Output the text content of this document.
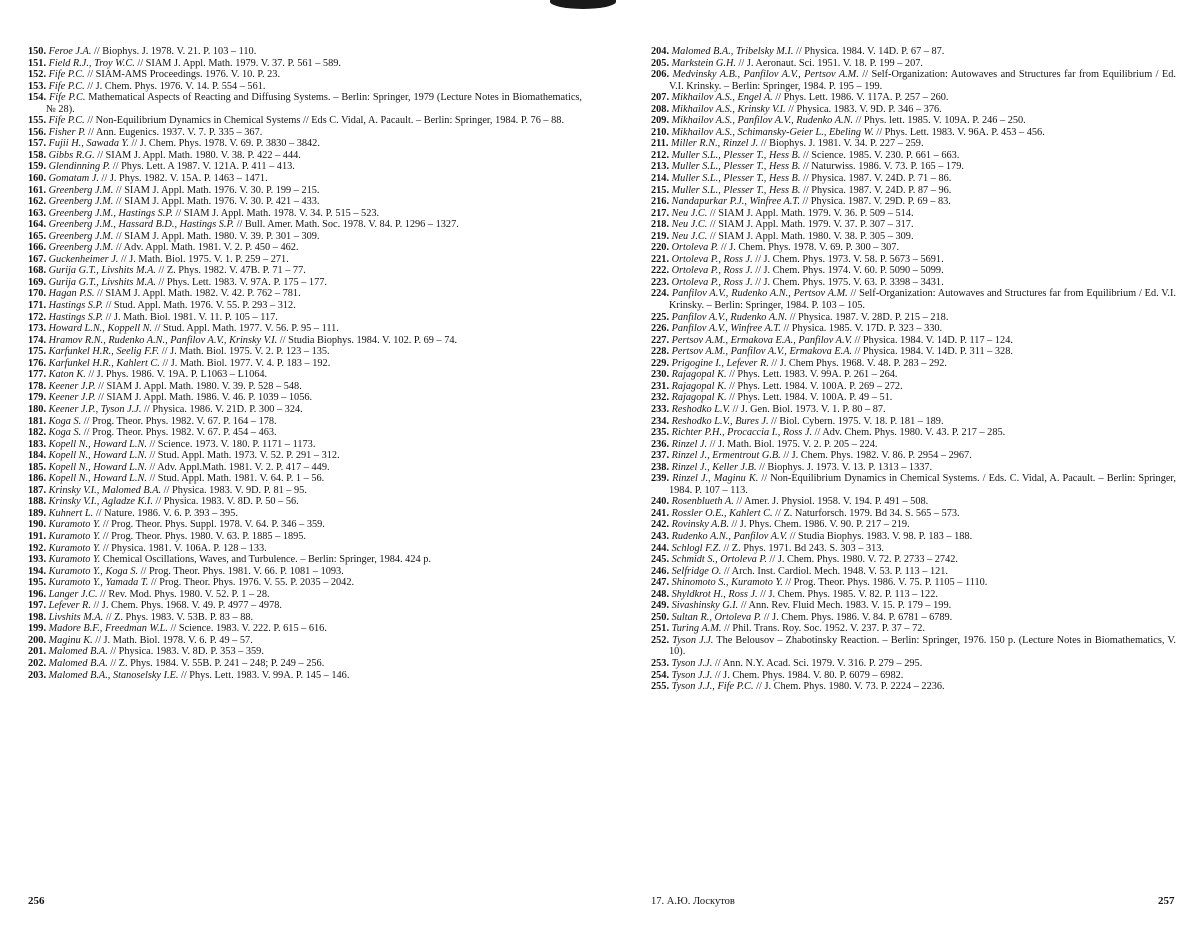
150. Feroe J.A. // Biophys. J. 1978. V. 21. P. 103 – 110.
151. Field R.J., Troy W.C. // SIAM J. Appl. Math. 1979. V. 37. P. 561 – 589.
152. Fife P.C. // SIAM-AMS Proceedings. 1976. V. 10. P. 23.
153. Fife P.C. // J. Chem. Phys. 1976. V. 14. P. 554 – 561.
154. Fife P.C. Mathematical Aspects of Reacting and Diffusing Systems. – Berlin: Springer, 1979 (Lecture Notes in Biomathematics, № 28).
155. Fife P.C. // Non-Equilibrium Dynamics in Chemical Systems // Eds C. Vidal, A. Pacault. – Berlin: Springer, 1984. P. 76 – 88.
156. Fisher P. // Ann. Eugenics. 1937. V. 7. P. 335 – 367.
157. Fujii H., Sawada Y. // J. Chem. Phys. 1978. V. 69. P. 3830 – 3842.
158. Gibbs R.G. // SIAM J. Appl. Math. 1980. V. 38. P. 422 – 444.
159. Glendinning P. // Phys. Lett. A 1987. V. 121A. P. 411 – 413.
160. Gomatam J. // J. Phys. 1982. V. 15A. P. 1463 – 1471.
161. Greenberg J.M. // SIAM J. Appl. Math. 1976. V. 30. P. 199 – 215.
162. Greenberg J.M. // SIAM J. Appl. Math. 1976. V. 30. P. 421 – 433.
163. Greenberg J.M., Hastings S.P. // SIAM J. Appl. Math. 1978. V. 34. P. 515 – 523.
164. Greenberg J.M., Hassard B.D., Hastings S.P. // Bull. Amer. Math. Soc. 1978. V. 84. P. 1296 – 1327.
165. Greenberg J.M. // SIAM J. Appl. Math. 1980. V. 39. P. 301 – 309.
166. Greenberg J.M. // Adv. Appl. Math. 1981. V. 2. P. 450 – 462.
167. Guckenheimer J. // J. Math. Biol. 1975. V. 1. P. 259 – 271.
168. Gurija G.T., Livshits M.A. // Z. Phys. 1982. V. 47B. P. 71 – 77.
169. Gurija G.T., Livshits M.A. // Phys. Lett. 1983. V. 97A. P. 175 – 177.
170. Hagan P.S. // SIAM J. Appl. Math. 1982. V. 42. P. 762 – 781.
171. Hastings S.P. // Stud. Appl. Math. 1976. V. 55. P. 293 – 312.
172. Hastings S.P. // J. Math. Biol. 1981. V. 11. P. 105 – 117.
173. Howard L.N., Koppell N. // Stud. Appl. Math. 1977. V. 56. P. 95 – 111.
174. Hramov R.N., Rudenko A.N., Panfilov A.V., Krinsky V.I. // Studia Biophys. 1984. V. 102. P. 69 – 74.
175. Karfunkel H.R., Seelig F.F. // J. Math. Biol. 1975. V. 2. P. 123 – 135.
176. Karfunkel H.R., Kahlert C. // J. Math. Biol. 1977. V. 4. P. 183 – 192.
177. Katon K. // J. Phys. 1986. V. 19A. P. L1063 – L1064.
178. Keener J.P. // SIAM J. Appl. Math. 1980. V. 39. P. 528 – 548.
179. Keener J.P. // SIAM J. Appl. Math. 1986. V. 46. P. 1039 – 1056.
180. Keener J.P., Tyson J.J. // Physica. 1986. V. 21D. P. 300 – 324.
181. Koga S. // Prog. Theor. Phys. 1982. V. 67. P. 164 – 178.
182. Koga S. // Prog. Theor. Phys. 1982. V. 67. P. 454 – 463.
183. Kopell N., Howard L.N. // Science. 1973. V. 180. P. 1171 – 1173.
184. Kopell N., Howard L.N. // Stud. Appl. Math. 1973. V. 52. P. 291 – 312.
185. Kopell N., Howard L.N. // Adv. Appl.Math. 1981. V. 2. P. 417 – 449.
186. Kopell N., Howard L.N. // Stud. Appl. Math. 1981. V. 64. P. 1 – 56.
187. Krinsky V.I., Malomed B.A. // Physica. 1983. V. 9D. P. 81 – 95.
188. Krinsky V.I., Agladze K.I. // Physica. 1983. V. 8D. P. 50 – 56.
189. Kuhnert L. // Nature. 1986. V. 6. P. 393 – 395.
190. Kuramoto Y. // Prog. Theor. Phys. Suppl. 1978. V. 64. P. 346 – 359.
191. Kuramoto Y. // Prog. Theor. Phys. 1980. V. 63. P. 1885 – 1895.
192. Kuramoto Y. // Physica. 1981. V. 106A. P. 128 – 133.
193. Kuramoto Y. Chemical Oscillations, Waves, and Turbulence. – Berlin: Springer, 1984. 424 p.
194. Kuramoto Y., Koga S. // Prog. Theor. Phys. 1981. V. 66. P. 1081 – 1093.
195. Kuramoto Y., Yamada T. // Prog. Theor. Phys. 1976. V. 55. P. 2035 – 2042.
196. Langer J.C. // Rev. Mod. Phys. 1980. V. 52. P. 1 – 28.
197. Lefever R. // J. Chem. Phys. 1968. V. 49. P. 4977 – 4978.
198. Livshits M.A. // Z. Phys. 1983. V. 53B. P. 83 – 88.
199. Madore B.F., Freedman W.L. // Science. 1983. V. 222. P. 615 – 616.
200. Maginu K. // J. Math. Biol. 1978. V. 6. P. 49 – 57.
201. Malomed B.A. // Physica. 1983. V. 8D. P. 353 – 359.
202. Malomed B.A. // Z. Phys. 1984. V. 55B. P. 241 – 248; P. 249 – 256.
203. Malomed B.A., Stanoselsky I.E. // Phys. Lett. 1983. V. 99A. P. 145 – 146.
204. Malomed B.A., Tribelsky M.I. // Physica. 1984. V. 14D. P. 67 – 87.
205. Markstein G.H. // J. Aeronaut. Sci. 1951. V. 18. P. 199 – 207.
206. Medvinsky A.B., Panfilov A.V., Pertsov A.M. // Self-Organization: Autowaves and Structures far from Equilibrium / Ed. V.I. Krinsky. – Berlin: Springer, 1984. P. 195 – 199.
207. Mikhailov A.S., Engel A. // Phys. Lett. 1986. V. 117A. P. 257 – 260.
208. Mikhailov A.S., Krinsky V.I. // Physica. 1983. V. 9D. P. 346 – 376.
209. Mikhailov A.S., Panfilov A.V., Rudenko A.N. // Phys. lett. 1985. V. 109A. P. 246 – 250.
210. Mikhailov A.S., Schimansky-Geier L., Ebeling W. // Phys. Lett. 1983. V. 96A. P. 453 – 456.
211. Miller R.N., Rinzel J. // Biophys. J. 1981. V. 34. P. 227 – 259.
212. Muller S.L., Plesser T., Hess B. // Science. 1985. V. 230. P. 661 – 663.
213. Muller S.L., Plesser T., Hess B. // Naturwiss. 1986. V. 73. P. 165 – 179.
214. Muller S.L., Plesser T., Hess B. // Physica. 1987. V. 24D. P. 71 – 86.
215. Muller S.L., Plesser T., Hess B. // Physica. 1987. V. 24D. P. 87 – 96.
216. Nandapurkar P.J., Winfree A.T. // Physica. 1987. V. 29D. P. 69 – 83.
217. Neu J.C. // SIAM J. Appl. Math. 1979. V. 36. P. 509 – 514.
218. Neu J.C. // SIAM J. Appl. Math. 1979. V. 37. P. 307 – 317.
219. Neu J.C. // SIAM J. Appl. Math. 1980. V. 38. P. 305 – 309.
220. Ortoleva P. // J. Chem. Phys. 1978. V. 69. P. 300 – 307.
221. Ortoleva P., Ross J. // J. Chem. Phys. 1973. V. 58. P. 5673 – 5691.
222. Ortoleva P., Ross J. // J. Chem. Phys. 1974. V. 60. P. 5090 – 5099.
223. Ortoleva P., Ross J. // J. Chem. Phys. 1975. V. 63. P. 3398 – 3431.
224. Panfilov A.V., Rudenko A.N., Pertsov A.M. // Self-Organization: Autowaves and Structures far from Equilibrium / Ed. V.I. Krinsky. – Berlin: Springer, 1984. P. 103 – 105.
225. Panfilov A.V., Rudenko A.N. // Physica. 1987. V. 28D. P. 215 – 218.
226. Panfilov A.V., Winfree A.T. // Physica. 1985. V. 17D. P. 323 – 330.
227. Pertsov A.M., Ermakova E.A., Panfilov A.V. // Physica. 1984. V. 14D. P. 117 – 124.
228. Pertsov A.M., Panfilov A.V., Ermakova E.A. // Physica. 1984. V. 14D. P. 311 – 328.
229. Prigogine I., Lefever R. // J. Chem Phys. 1968. V. 48. P. 283 – 292.
230. Rajagopal K. // Phys. Lett. 1983. V. 99A. P. 261 – 264.
231. Rajagopal K. // Phys. Lett. 1984. V. 100A. P. 269 – 272.
232. Rajagopal K. // Phys. Lett. 1984. V. 100A. P. 49 – 51.
233. Reshodko L.V. // J. Gen. Biol. 1973. V. 1. P. 80 – 87.
234. Reshodko L.V., Bures J. // Biol. Cybern. 1975. V. 18. P. 181 – 189.
235. Richter P.H., Procaccia I., Ross J. // Adv. Chem. Phys. 1980. V. 43. P. 217 – 285.
236. Rinzel J. // J. Math. Biol. 1975. V. 2. P. 205 – 224.
237. Rinzel J., Ermentrout G.B. // J. Chem. Phys. 1982. V. 86. P. 2954 – 2967.
238. Rinzel J., Keller J.B. // Biophys. J. 1973. V. 13. P. 1313 – 1337.
239. Rinzel J., Maginu K. // Non-Equilibrium Dynamics in Chemical Systems. / Eds. C. Vidal, A. Pacault. – Berlin: Springer, 1984. P. 107 – 113.
240. Rosenblueth A. // Amer. J. Physiol. 1958. V. 194. P. 491 – 508.
241. Rossler O.E., Kahlert C. // Z. Naturforsch. 1979. Bd 34. S. 565 – 573.
242. Rovinsky A.B. // J. Phys. Chem. 1986. V. 90. P. 217 – 219.
243. Rudenko A.N., Panfilov A.V. // Studia Biophys. 1983. V. 98. P. 183 – 188.
244. Schlogl F.Z. // Z. Phys. 1971. Bd 243. S. 303 – 313.
245. Schmidt S., Ortoleva P. // J. Chem. Phys. 1980. V. 72. P. 2733 – 2742.
246. Selfridge O. // Arch. Inst. Cardiol. Mech. 1948. V. 53. P. 113 – 121.
247. Shinomoto S., Kuramoto Y. // Prog. Theor. Phys. 1986. V. 75. P. 1105 – 1110.
248. Shyldkrot H., Ross J. // J. Chem. Phys. 1985. V. 82. P. 113 – 122.
249. Sivashinsky G.I. // Ann. Rev. Fluid Mech. 1983. V. 15. P. 179 – 199.
250. Sultan R., Ortoleva P. // J. Chem. Phys. 1986. V. 84. P. 6781 – 6789.
251. Turing A.M. // Phil. Trans. Roy. Soc. 1952. V. 237. P. 37 – 72.
252. Tyson J.J. The Belousov – Zhabotinsky Reaction. – Berlin: Springer, 1976. 150 p. (Lecture Notes in Biomathematics, V. 10).
253. Tyson J.J. // Ann. N.Y. Acad. Sci. 1979. V. 316. P. 279 – 295.
254. Tyson J.J. // J. Chem. Phys. 1984. V. 80. P. 6079 – 6982.
255. Tyson J.J., Fife P.C. // J. Chem. Phys. 1980. V. 73. P. 2224 – 2236.
256	17. А.Ю. Лоскутов	257
